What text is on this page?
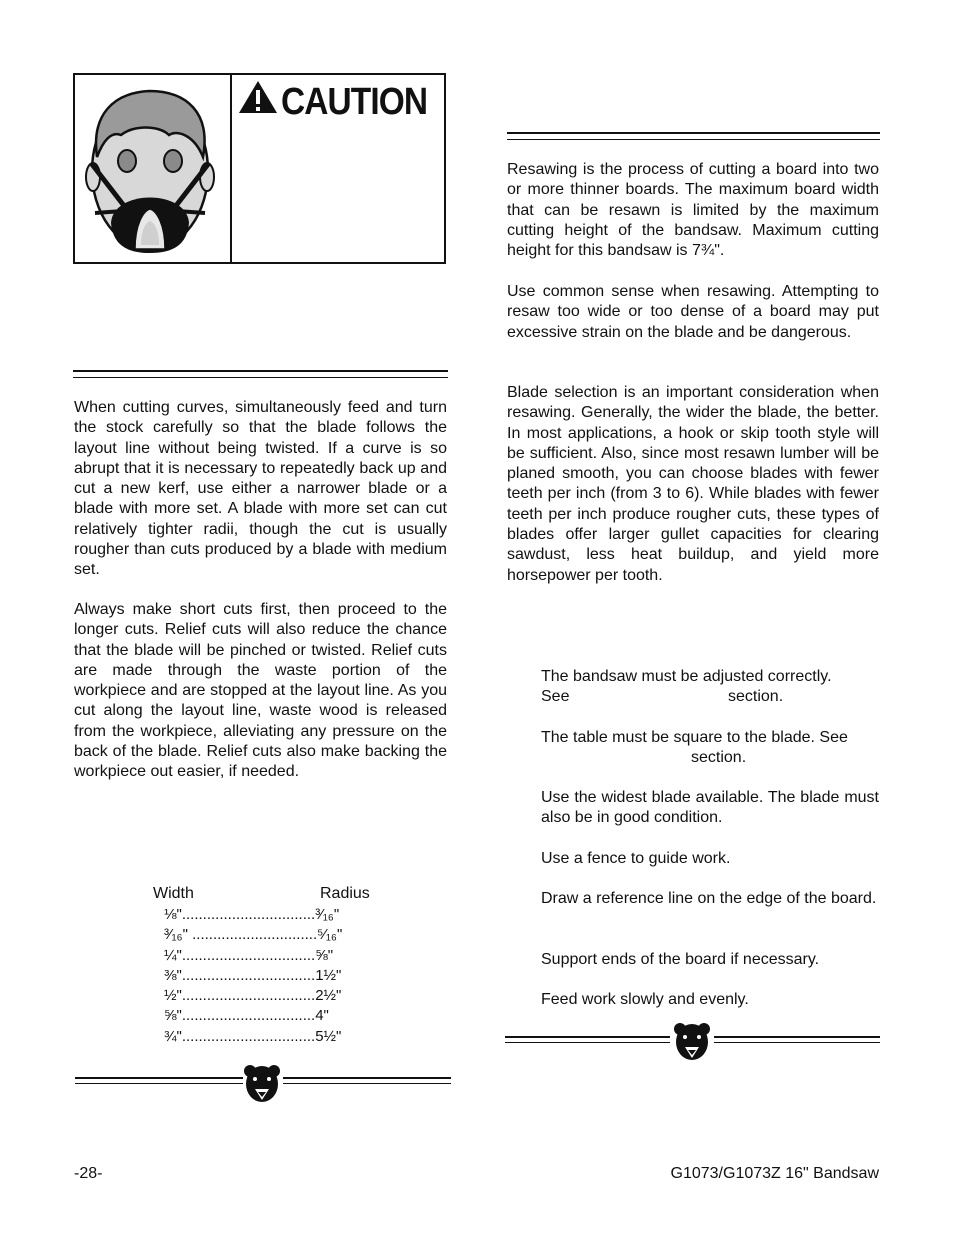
CAUTION

When cutting curves, simultaneously feed and turn the stock carefully so that the blade follows the layout line without being twisted. If a curve is so abrupt that it is necessary to repeatedly back up and cut a new kerf, use either a narrower blade or a blade with more set. A blade with more set can cut relatively tighter radii, though the cut is usually rougher than cuts produced by a blade with medium set.

Always make short cuts first, then proceed to the longer cuts. Relief cuts will also reduce the chance that the blade will be pinched or twisted. Relief cuts are made through the waste portion of the workpiece and are stopped at the layout line. As you cut along the layout line, waste wood is released from the workpiece, alleviating any pressure on the back of the blade. Relief cuts also make backing the workpiece out easier, if needed.

Width	Radius
⅛"................................³⁄₁₆"
³⁄₁₆" ..............................⁵⁄₁₆"
¼"................................⅝"
⅜"................................1½"
½"................................2½"
⅝"................................4"
¾"................................5½"

Resawing is the process of cutting a board into two or more thinner boards. The maximum board width that can be resawn is limited by the maximum cutting height of the bandsaw. Maximum cutting height for this bandsaw is 7¾".

Use common sense when resawing. Attempting to resaw too wide or too dense of a board may put excessive strain on the blade and be dangerous.

Blade selection is an important consideration when resawing. Generally, the wider the blade, the better. In most applications, a hook or skip tooth style will be sufficient. Also, since most resawn lumber will be planed smooth, you can choose blades with fewer teeth per inch (from 3 to 6). While blades with fewer teeth per inch produce rougher cuts, these types of blades offer larger gullet capacities for clearing sawdust, less heat buildup, and yield more horsepower per tooth.

The bandsaw must be adjusted correctly.
See	section.
The table must be square to the blade. See
section.

Use the widest blade available. The blade must also be in good condition.

Use a fence to guide work.

Draw a reference line on the edge of the board.

Support ends of the board if necessary.

Feed work slowly and evenly.

-28-	G1073/G1073Z 16" Bandsaw
